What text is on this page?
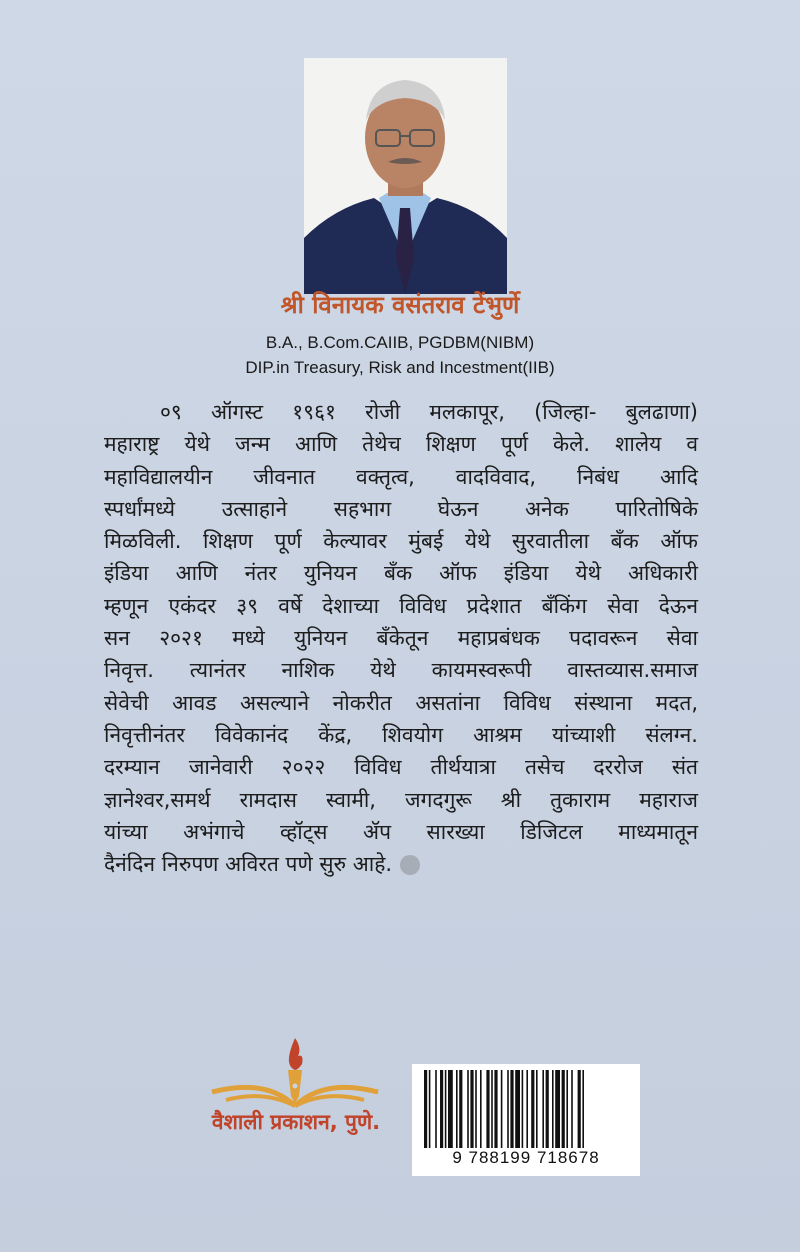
श्री विनायक वसंतराव टेंभुर्णे
B.A., B.Com.CAIIB, PGDBM(NIBM)
DIP.in Treasury, Risk and Incestment(IIB)
०९ ऑगस्ट १९६१ रोजी मलकापूर, (जिल्हा- बुलढाणा)
महाराष्ट्र येथे जन्म आणि तेथेच शिक्षण पूर्ण केले. शालेय व
महाविद्यालयीन जीवनात वक्तृत्व, वादविवाद, निबंध आदि
स्पर्धांमध्ये उत्साहाने सहभाग घेऊन अनेक पारितोषिके
मिळविली. शिक्षण पूर्ण केल्यावर मुंबई येथे सुरवातीला बँक ऑफ
इंडिया आणि नंतर युनियन बँक ऑफ इंडिया येथे अधिकारी
म्हणून एकंदर ३९ वर्षे देशाच्या विविध प्रदेशात बँकिंग सेवा देऊन
सन २०२१ मध्ये युनियन बँकेतून महाप्रबंधक पदावरून सेवा
निवृत्त. त्यानंतर नाशिक येथे कायमस्वरूपी वास्तव्यास.समाज
सेवेची आवड असल्याने नोकरीत असतांना विविध संस्थाना मदत,
निवृत्तीनंतर विवेकानंद केंद्र, शिवयोग आश्रम यांच्याशी संलग्न.
दरम्यान जानेवारी २०२२ विविध तीर्थयात्रा तसेच दररोज संत
ज्ञानेश्वर,समर्थ रामदास स्वामी, जगदगुरू श्री तुकाराम महाराज
यांच्या अभंगाचे व्हॉट्स ॲप सारख्या डिजिटल माध्यमातून
दैनंदिन निरुपण अविरत पणे सुरु आहे.
वैशाली प्रकाशन, पुणे.
9 788199 718678
